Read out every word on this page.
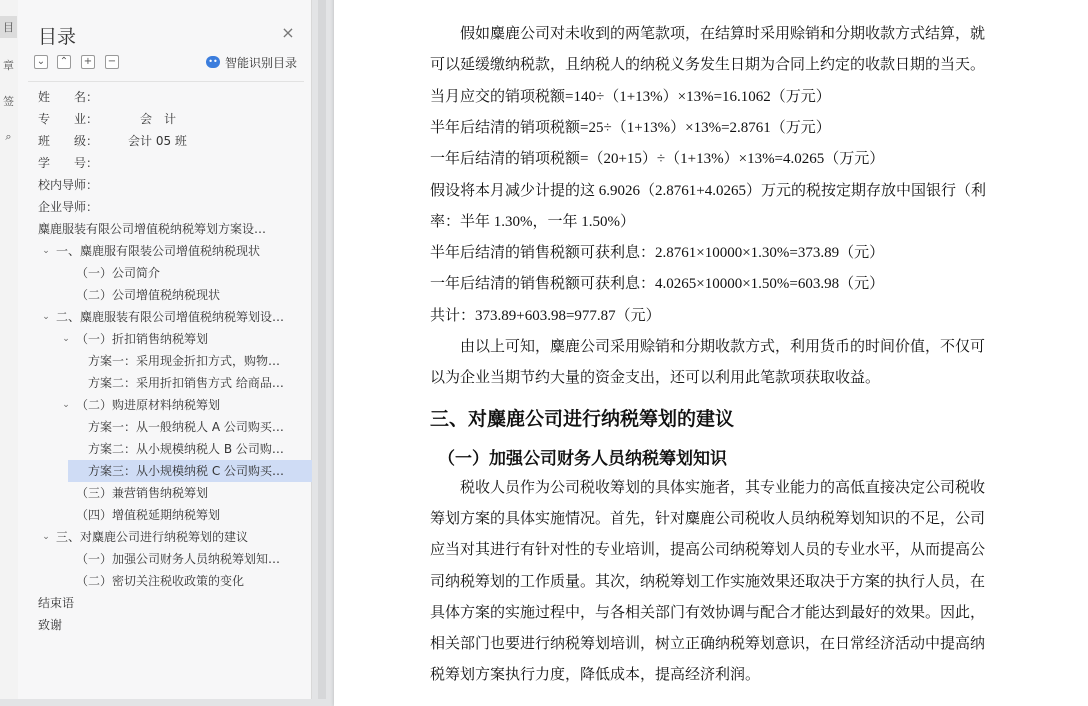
目
章
签
⌕
目录	×
⌄ ⌃ + −	•• 智能识别目录
姓　　名：
专　　业：　　　　会　计
班　　级：　　　会计 05 班
学　　号：
校内导师：
企业导师：
麋鹿服装有限公司增值税纳税筹划方案设…
一、麋鹿服有限装公司增值税纳税现状
⌄
（一）公司简介
（二）公司增值税纳税现状
二、麋鹿服装有限公司增值税纳税筹划设…
⌄
（一）折扣销售纳税筹划
⌄
方案一：采用现金折扣方式，购物…
方案二：采用折扣销售方式 给商品…
（二）购进原材料纳税筹划
⌄
方案一：从一般纳税人 A 公司购买…
方案二：从小规模纳税人 B 公司购…
方案三：从小规模纳税 C 公司购买…
（三）兼营销售纳税筹划
（四）增值税延期纳税筹划
三、对麋鹿公司进行纳税筹划的建议
⌄
（一）加强公司财务人员纳税筹划知…
（二）密切关注税收政策的变化
结束语
致谢
　　假如麋鹿公司对未收到的两笔款项，在结算时采用赊销和分期收款方式结算，就
可以延缓缴纳税款，且纳税人的纳税义务发生日期为合同上约定的收款日期的当天。
当月应交的销项税额=140÷（1+13%）×13%=16.1062（万元）
半年后结清的销项税额=25÷（1+13%）×13%=2.8761（万元）
一年后结清的销项税额=（20+15）÷（1+13%）×13%=4.0265（万元）
假设将本月减少计提的这 6.9026（2.8761+4.0265）万元的税按定期存放中国银行（利
率：半年 1.30%，一年 1.50%）
半年后结清的销售税额可获利息：2.8761×10000×1.30%=373.89（元）
一年后结清的销售税额可获利息：4.0265×10000×1.50%=603.98（元）
共计：373.89+603.98=977.87（元）
　　由以上可知，麋鹿公司采用赊销和分期收款方式，利用货币的时间价值，不仅可
以为企业当期节约大量的资金支出，还可以利用此笔款项获取收益。
三、对麋鹿公司进行纳税筹划的建议
（一）加强公司财务人员纳税筹划知识
　　税收人员作为公司税收筹划的具体实施者，其专业能力的高低直接决定公司税收
筹划方案的具体实施情况。首先，针对麋鹿公司税收人员纳税筹划知识的不足，公司
应当对其进行有针对性的专业培训，提高公司纳税筹划人员的专业水平，从而提高公
司纳税筹划的工作质量。其次，纳税筹划工作实施效果还取决于方案的执行人员，在
具体方案的实施过程中，与各相关部门有效协调与配合才能达到最好的效果。因此，
相关部门也要进行纳税筹划培训，树立正确纳税筹划意识，在日常经济活动中提高纳
税筹划方案执行力度，降低成本，提高经济利润。
